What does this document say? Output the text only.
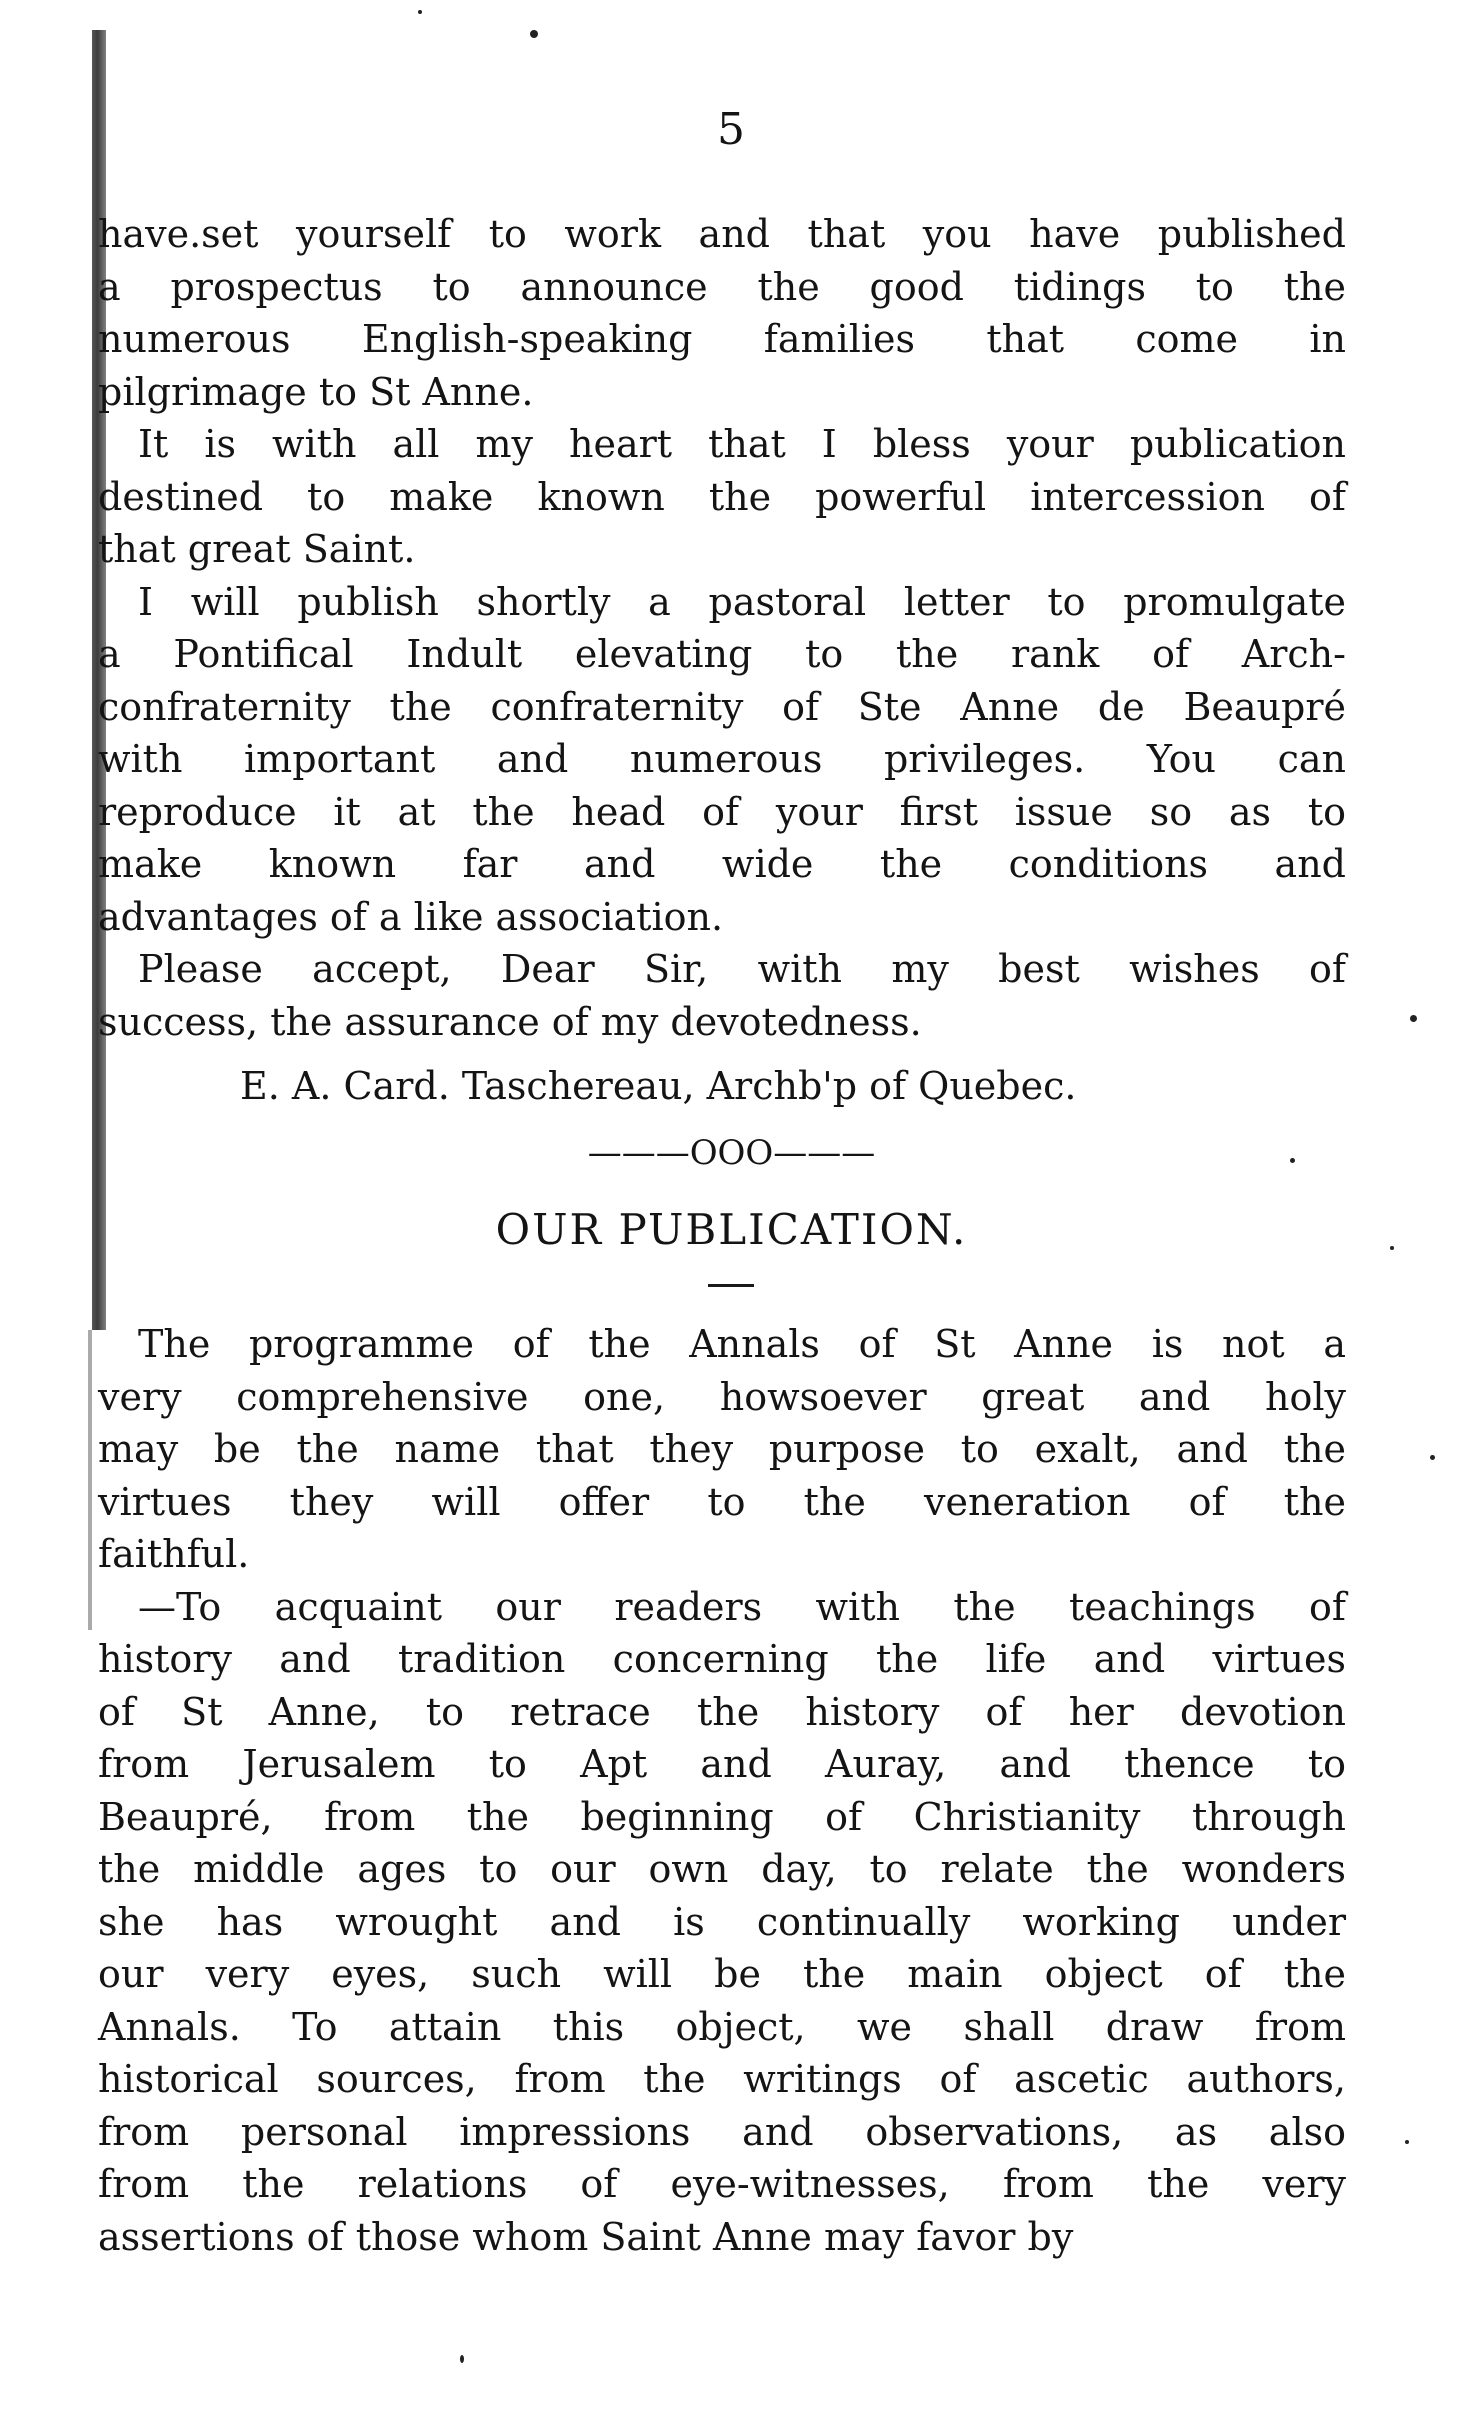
5
have.set yourself to work and that you have published
a prospectus to announce the good tidings to the
numerous English-speaking families that come in
pilgrimage to St Anne.
It is with all my heart that I bless your publication
destined to make known the powerful intercession of
that great Saint.
I will publish shortly a pastoral letter to promulgate
a Pontifical Indult elevating to the rank of Arch-
confraternity the confraternity of Ste Anne de Beaupré
with important and numerous privileges. You can
reproduce it at the head of your first issue so as to
make known far and wide the conditions and
advantages of a like association.
Please accept, Dear Sir, with my best wishes of
success, the assurance of my devotedness.
E. A. Card. Taschereau, Archb'p of Quebec.
———OOO———
OUR PUBLICATION.
The programme of the Annals of St Anne is not a
very comprehensive one, howsoever great and holy
may be the name that they purpose to exalt, and the
virtues they will offer to the veneration of the
faithful.
—To acquaint our readers with the teachings of
history and tradition concerning the life and virtues
of St Anne, to retrace the history of her devotion
from Jerusalem to Apt and Auray, and thence to
Beaupré, from the beginning of Christianity through
the middle ages to our own day, to relate the wonders
she has wrought and is continually working under
our very eyes, such will be the main object of the
Annals. To attain this object, we shall draw from
historical sources, from the writings of ascetic authors,
from personal impressions and observations, as also
from the relations of eye-witnesses, from the very
assertions of those whom Saint Anne may favor by
